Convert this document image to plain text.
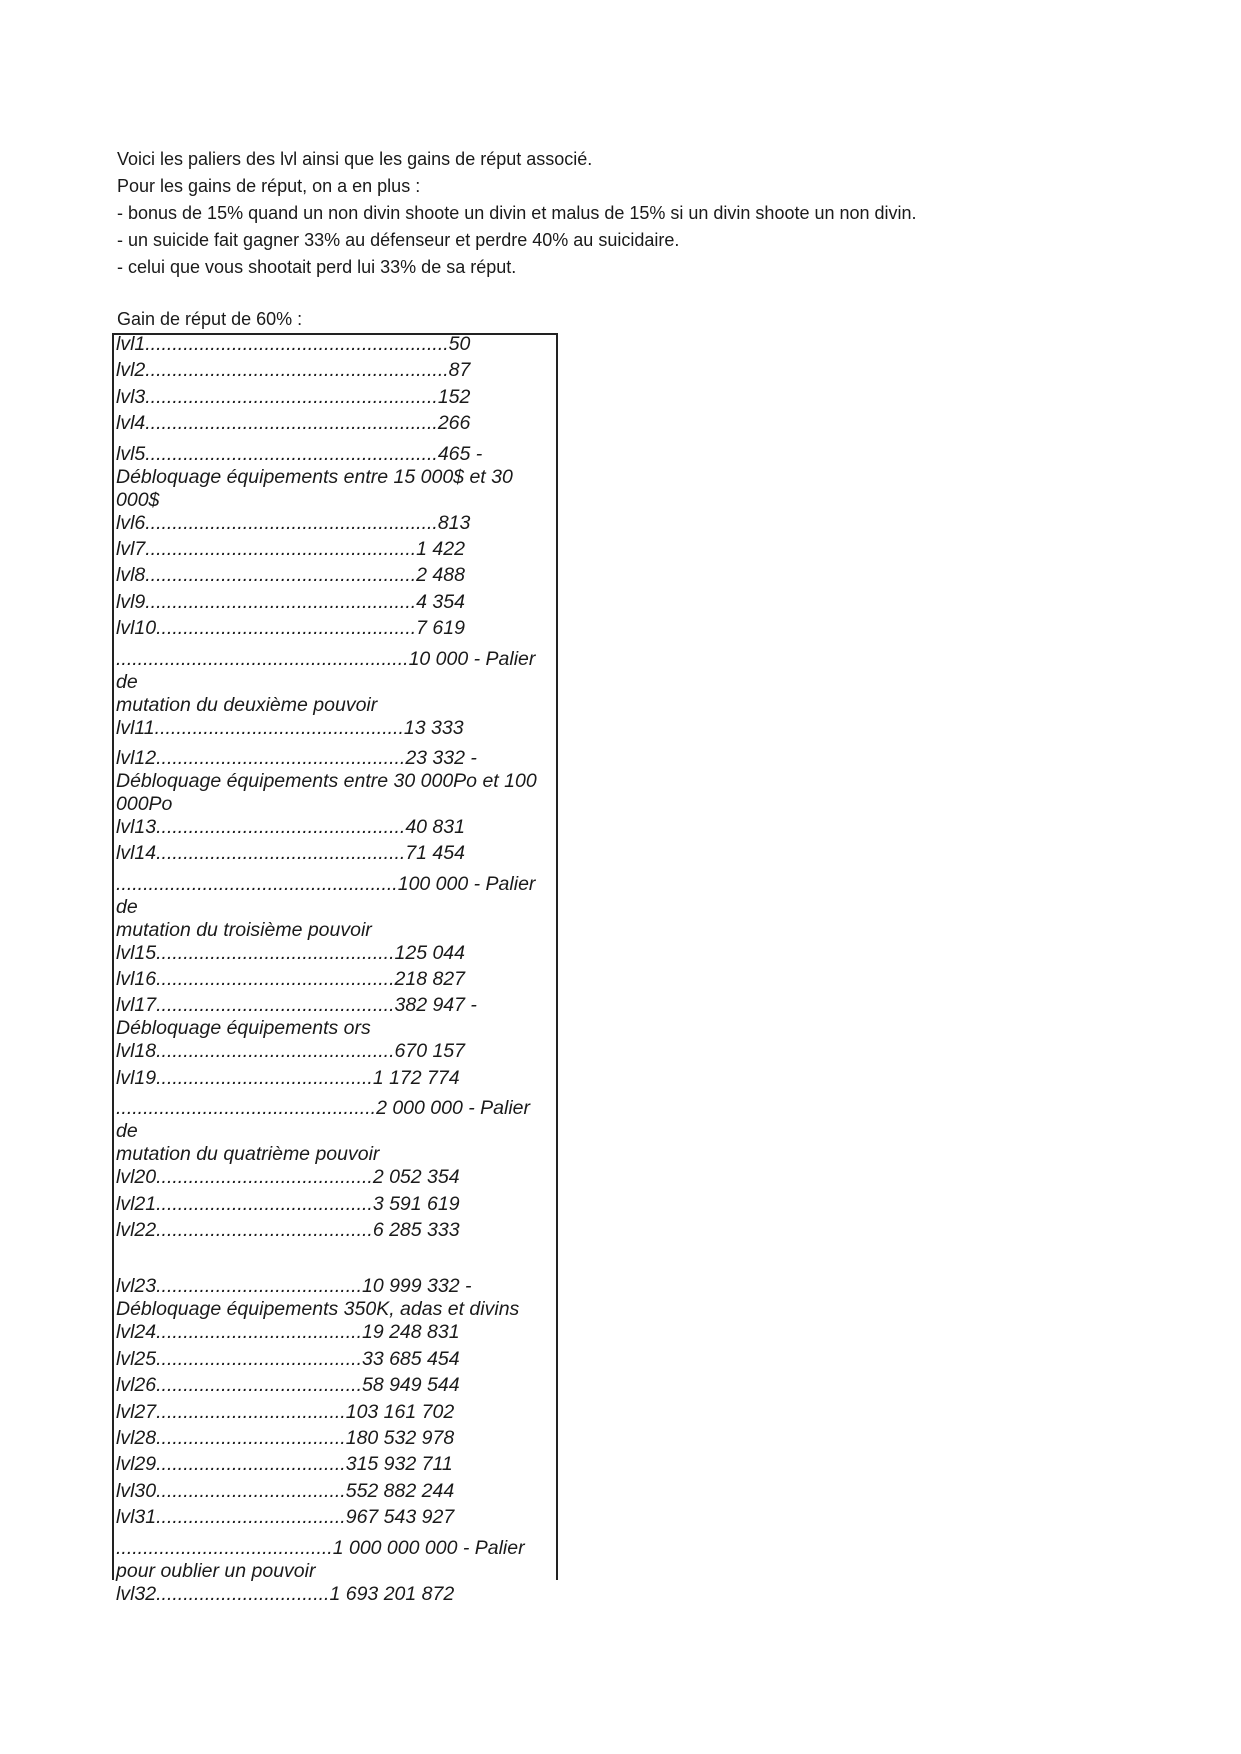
Voici les paliers des lvl ainsi que les gains de réput associé.
Pour les gains de réput, on a en plus :
- bonus de 15% quand un non divin shoote un divin et malus de 15% si un divin shoote un non divin.
- un suicide fait gagner 33% au défenseur et perdre 40% au suicidaire.
- celui que vous shootait perd lui 33% de sa réput.
Gain de réput de 60% :
lvl1........................................................50
lvl2........................................................87
lvl3......................................................152
lvl4......................................................266
lvl5......................................................465 -
Débloquage équipements entre 15 000$ et 30 000$
lvl6......................................................813
lvl7..................................................1 422
lvl8..................................................2 488
lvl9..................................................4 354
lvl10................................................7 619
......................................................10 000 - Palier de
mutation du deuxième pouvoir
lvl11..............................................13 333
lvl12..............................................23 332 -
Débloquage équipements entre 30 000Po et 100 000Po
lvl13..............................................40 831
lvl14..............................................71 454
....................................................100 000 - Palier de
mutation du troisième pouvoir
lvl15............................................125 044
lvl16............................................218 827
lvl17............................................382 947 -
Débloquage équipements ors
lvl18............................................670 157
lvl19........................................1 172 774
................................................2 000 000 - Palier de
mutation du quatrième pouvoir
lvl20........................................2 052 354
lvl21........................................3 591 619
lvl22........................................6 285 333
lvl23......................................10 999 332 -
Débloquage équipements 350K, adas et divins
lvl24......................................19 248 831
lvl25......................................33 685 454
lvl26......................................58 949 544
lvl27...................................103 161 702
lvl28...................................180 532 978
lvl29...................................315 932 711
lvl30...................................552 882 244
lvl31...................................967 543 927
........................................1 000 000 000 - Palier
pour oublier un pouvoir
lvl32................................1 693 201 872
